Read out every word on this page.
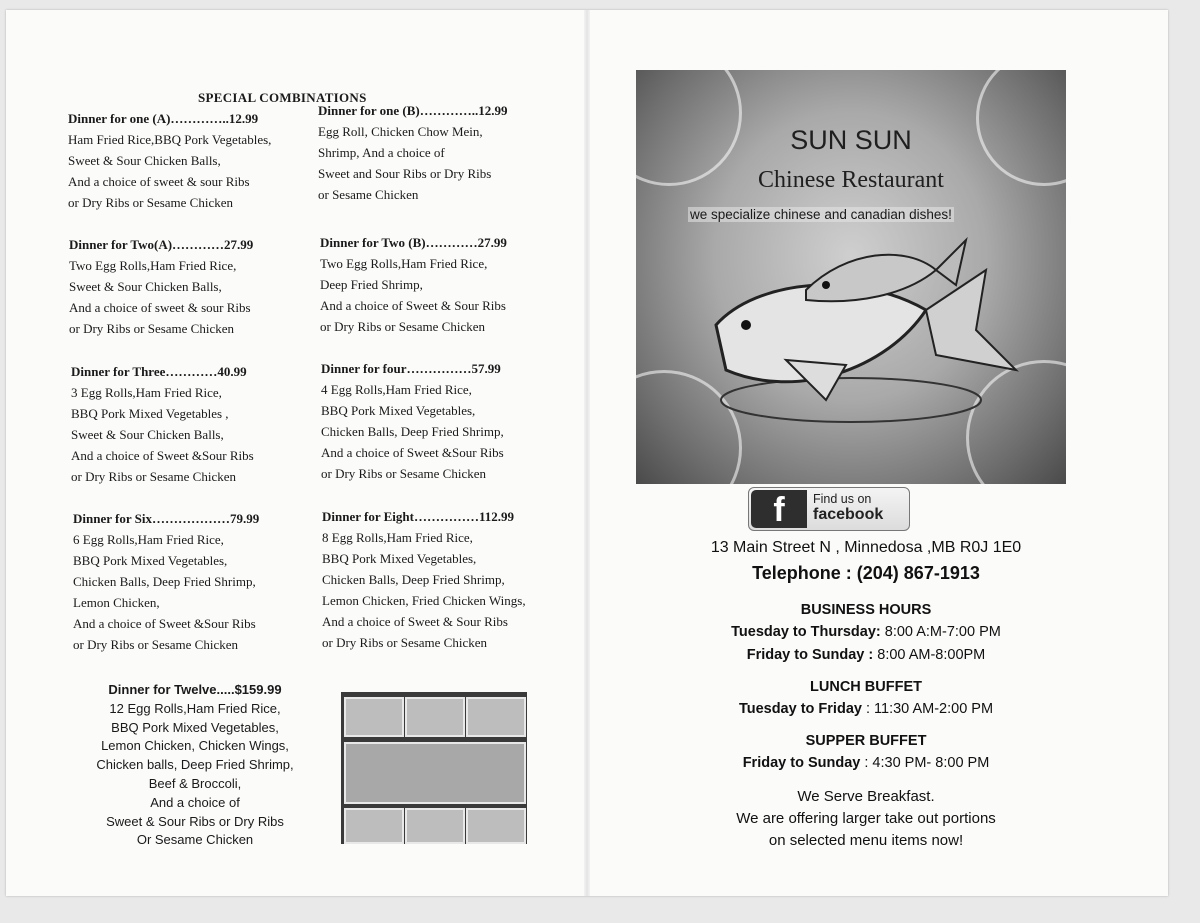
SPECIAL COMBINATIONS
Dinner for one (A)…………..12.99
Ham Fried Rice,BBQ Pork Vegetables,
Sweet & Sour Chicken Balls,
And a choice of sweet & sour Ribs
or Dry Ribs or Sesame Chicken
Dinner for one (B)…………..12.99
Egg Roll, Chicken Chow Mein,
Shrimp, And a choice of
Sweet and Sour Ribs or Dry Ribs
or Sesame Chicken
Dinner for Two(A)…………27.99
Two Egg Rolls,Ham Fried Rice,
Sweet & Sour Chicken Balls,
And a choice of sweet & sour Ribs
or Dry Ribs or Sesame Chicken
Dinner for Two (B)…………27.99
Two Egg Rolls,Ham Fried Rice,
Deep Fried Shrimp,
And a choice of Sweet & Sour Ribs
or Dry Ribs or Sesame Chicken
Dinner for Three…………40.99
3 Egg Rolls,Ham Fried Rice,
BBQ Pork Mixed Vegetables ,
Sweet & Sour Chicken Balls,
And a choice of Sweet &Sour Ribs
or Dry Ribs or Sesame Chicken
Dinner for four……………57.99
4 Egg Rolls,Ham Fried Rice,
BBQ Pork Mixed Vegetables,
Chicken Balls, Deep Fried Shrimp,
And a choice of Sweet &Sour Ribs
or Dry Ribs or Sesame Chicken
Dinner for Six………………79.99
6 Egg Rolls,Ham Fried Rice,
BBQ Pork Mixed Vegetables,
Chicken Balls, Deep Fried Shrimp,
Lemon Chicken,
And a choice of Sweet &Sour Ribs
or Dry Ribs or Sesame Chicken
Dinner for Eight……………112.99
8 Egg Rolls,Ham Fried Rice,
BBQ Pork Mixed Vegetables,
Chicken Balls, Deep Fried Shrimp,
Lemon Chicken, Fried Chicken Wings,
And a choice of Sweet & Sour Ribs
or Dry Ribs or Sesame Chicken
Dinner for Twelve.....$159.99
12 Egg Rolls,Ham Fried Rice,
BBQ Pork Mixed Vegetables,
Lemon Chicken, Chicken Wings,
Chicken balls, Deep Fried Shrimp,
Beef & Broccoli,
And a choice of
Sweet & Sour Ribs or Dry Ribs
Or Sesame Chicken
SUN SUN
Chinese Restaurant
we specialize chinese and canadian dishes!
f	Find us on
facebook
13 Main Street N , Minnedosa ,MB R0J 1E0
Telephone : (204) 867-1913
BUSINESS HOURS
Tuesday to Thursday: 8:00 A:M-7:00 PM
Friday to Sunday : 8:00 AM-8:00PM
LUNCH BUFFET
Tuesday to Friday : 11:30 AM-2:00 PM
SUPPER BUFFET
Friday to Sunday : 4:30 PM- 8:00 PM
We Serve Breakfast.
We are offering larger take out portions
on selected menu items now!
